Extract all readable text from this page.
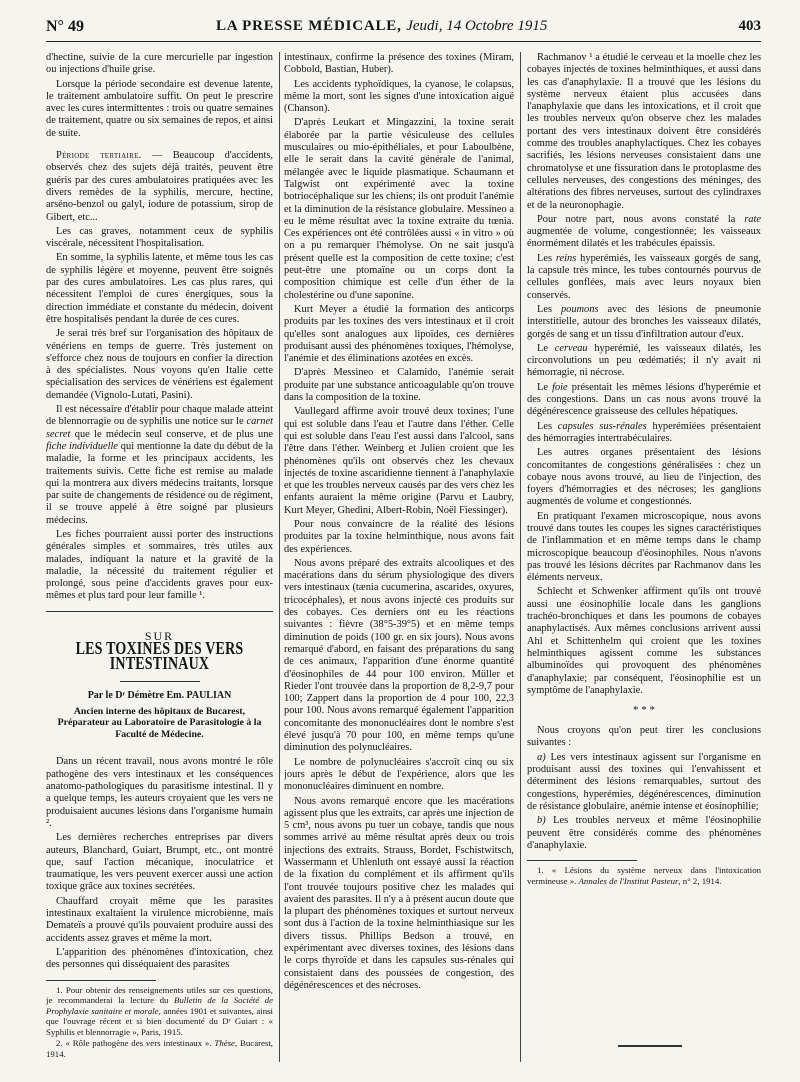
N° 49	LA PRESSE MÉDICALE, Jeudi, 14 Octobre 1915	403

d'hectine, suivie de la cure mercurielle par ingestion ou injections d'huile grise.

Lorsque la période secondaire est devenue latente, le traitement ambulatoire suffit. On peut le prescrire avec les cures intermittentes : trois ou quatre semaines de traitement, quatre ou six semaines de repos, et ainsi de suite.

Période tertiaire. — Beaucoup d'accidents, observés chez des sujets déjà traités, peuvent être guéris par des cures ambulatoires pratiquées avec les divers remèdes de la syphilis, mercure, hectine, arséno-benzol ou galyl, iodure de potassium, sirop de Gibert, etc...

Les cas graves, notamment ceux de syphilis viscérale, nécessitent l'hospitalisation.

En somme, la syphilis latente, et même tous les cas de syphilis légère et moyenne, peuvent être soignés par des cures ambulatoires. Les cas plus rares, qui nécessitent l'emploi de cures énergiques, sous la direction immédiate et constante du médecin, doivent être hospitalisés pendant la durée de ces cures.

Je serai très bref sur l'organisation des hôpitaux de vénériens en temps de guerre. Très justement on s'efforce chez nous de toujours en confier la direction à des spécialistes. Nous voyons qu'en Italie cette spécialisation des services de vénériens est également demandée (Vignolo-Lutati, Pasini).

Il est nécessaire d'établir pour chaque malade atteint de blennorragie ou de syphilis une notice sur le carnet secret que le médecin seul conserve, et de plus une fiche individuelle qui mentionne la date du début de la maladie, la forme et les principaux accidents, les traitements suivis. Cette fiche est remise au malade qui la montrera aux divers médecins traitants, lorsque par suite de changements de résidence ou de régiment, il se trouve appelé à être soigné par plusieurs médecins.

Les fiches pourraient aussi porter des instructions générales simples et sommaires, très utiles aux malades, indiquant la nature et la gravité de la maladie, la nécessité du traitement régulier et prolongé, sous peine d'accidents graves pour eux-mêmes et plus tard pour leur famille ¹.

SUR
LES TOXINES DES VERS INTESTINAUX
Par le Dʳ Démètre Em. PAULIAN
Ancien interne des hôpitaux de Bucarest, Préparateur au Laboratoire de Parasitologie à la Faculté de Médecine.

Dans un récent travail, nous avons montré le rôle pathogène des vers intestinaux et les conséquences anatomo-pathologiques du parasitisme intestinal. Il y a quelque temps, les auteurs croyaient que les vers ne produisaient aucunes lésions dans l'organisme humain ².

Les dernières recherches entreprises par divers auteurs, Blanchard, Guiart, Brumpt, etc., ont montré que, sauf l'action mécanique, inoculatrice et traumatique, les vers peuvent exercer aussi une action toxique grâce aux toxines secrétées.

Chauffard croyait même que les parasites intestinaux exaltaient la virulence microbienne, mais Demateïs a prouvé qu'ils pouvaient produire aussi des accidents assez graves et même la mort.

L'apparition des phénomènes d'intoxication, chez des personnes qui disséquaient des parasites

1. Pour obtenir des renseignements utiles sur ces questions, je recommanderai la lecture du Bulletin de la Société de Prophylaxie sanitaire et morale, années 1901 et suivantes, ainsi que l'ouvrage récent et si bien documenté du Dʳ Guiart : « Syphilis et blennorragie », Paris, 1915.

2. « Rôle pathogène des vers intestinaux ». Thèse, Bucarest, 1914.

intestinaux, confirme la présence des toxines (Miram, Cobbold, Bastian, Huber).

Les accidents typhoïdiques, la cyanose, le colapsus, même la mort, sont les signes d'une intoxication aiguë (Chanson).

D'après Leukart et Mingazzini, la toxine serait élaborée par la partie vésiculeuse des cellules musculaires ou mio-épithéliales, et pour Laboulbène, elle le serait dans la cavité générale de l'animal, mélangée avec le liquide plasmatique. Schaumann et Talgwist ont expérimenté avec la toxine botriocéphalique sur les chiens; ils ont produit l'anémie et la diminution de la résistance globulaire. Messineo a eu le même résultat avec la toxine extraite du tœnia. Ces expériences ont été contrôlées aussi « in vitro » où on a pu remarquer l'hémolyse. On ne sait jusqu'à présent quelle est la composition de cette toxine; c'est peut-être une ptomaïne ou un corps dont la composition chimique est celle d'un éther de la cholestérine ou d'une saponine.

Kurt Meyer a étudié la formation des anticorps produits par les toxines des vers intestinaux et il croit qu'elles sont analogues aux lipoïdes, ces dernières produisant aussi des phénomènes toxiques, l'hémolyse, l'anémie et des éliminations azotées en excès.

D'après Messineo et Calamido, l'anémie serait produite par une substance anticoagulable qu'on trouve dans la composition de la toxine.

Vaullegard affirme avoir trouvé deux toxines; l'une qui est soluble dans l'eau et l'autre dans l'éther. Celle qui est soluble dans l'eau l'est aussi dans l'alcool, sans l'être dans l'éther. Weinberg et Julien croient que les phénomènes qu'ils ont observés chez les chevaux injectés de toxine ascaridienne tiennent à l'anaphylaxie et que les troubles nerveux causés par des vers chez les enfants auraient la même origine (Parvu et Laubry, Kurt Meyer, Ghedini, Albert-Robin, Noël Fiessinger).

Pour nous convaincre de la réalité des lésions produites par la toxine helminthique, nous avons fait des expériences.

Nous avons préparé des extraits alcooliques et des macérations dans du sérum physiologique des divers vers intestinaux (tænia cucumerina, ascarides, oxyures, tricocéphales), et nous avons injecté ces produits sur des cobayes. Ces derniers ont eu les réactions suivantes : fièvre (38°5-39°5) et en même temps diminution de poids (100 gr. en six jours). Nous avons remarqué d'abord, en faisant des préparations du sang de ces animaux, l'apparition d'une énorme quantité d'éosinophiles de 44 pour 100 environ. Müller et Rieder l'ont trouvée dans la proportion de 8,2-9,7 pour 100; Zappert dans la proportion de 4 pour 100, 22,3 pour 100. Nous avons remarqué également l'apparition concomitante des mononucléaires dont le nombre s'est élevé jusqu'à 70 pour 100, en même temps qu'une diminution des polynucléaires.

Le nombre de polynucléaires s'accroît cinq ou six jours après le début de l'expérience, alors que les mononucléaires diminuent en nombre.

Nous avons remarqué encore que les macérations agissent plus que les extraits, car après une injection de 5 cm³, nous avons pu tuer un cobaye, tandis que nous sommes arrivé au même résultat après deux ou trois injections des extraits. Strauss, Bordet, Fschistwitsch, Wassermann et Uhlenluth ont essayé aussi la réaction de la fixation du complément et ils affirment qu'ils l'ont trouvée toujours positive chez les malades qui avaient des parasites. Il n'y a à présent aucun doute que la plupart des phénomènes toxiques et surtout nerveux sont dus à l'action de la toxine helminthiasique sur les divers tissus. Phillips Bedson a trouvé, en expérimentant avec diverses toxines, des lésions dans le corps thyroïde et dans les capsules sus-rénales qui consistaient dans des poussées de congestion, des dégénérescences et des nécroses.

Rachmanov ¹ a étudié le cerveau et la moelle chez les cobayes injectés de toxines helminthiques, et aussi dans les cas d'anaphylaxie. Il a trouvé que les lésions du système nerveux étaient plus accusées dans l'anaphylaxie que dans les intoxications, et il croit que les troubles nerveux qu'on observe chez les malades portant des vers intestinaux doivent être considérés comme des troubles anaphylactiques. Chez les cobayes sacrifiés, les lésions nerveuses consistaient dans une chromatolyse et une fissuration dans le protoplasme des cellules nerveuses, des congestions des méninges, des altérations des fibres nerveuses, surtout des cylindraxes et de la neuronophagie.

Pour notre part, nous avons constaté la rate augmentée de volume, congestionnée; les vaisseaux énormément dilatés et les trabécules épaissis.

Les reins hyperémiés, les vaisseaux gorgés de sang, la capsule très mince, les tubes contournés pourvus de cellules gonflées, mais avec leurs noyaux bien conservés.

Les poumons avec des lésions de pneumonie interstitielle, autour des bronches les vaisseaux dilatés, gorgés de sang et un tissu d'infiltration autour d'eux.

Le cerveau hyperémié, les vaisseaux dilatés, les circonvolutions un peu œdématiés; il n'y avait ni hémorragie, ni nécrose.

Le foie présentait les mêmes lésions d'hyperémie et des congestions. Dans un cas nous avons trouvé la dégénérescence graisseuse des cellules hépatiques.

Les capsules sus-rénales hyperémiées présentaient des hémorragies intertrabéculaires.

Les autres organes présentaient des lésions concomitantes de congestions généralisées : chez un cobaye nous avons trouvé, au lieu de l'injection, des foyers d'hémorragies et des nécroses; les ganglions augmentés de volume et congestionnés.

En pratiquant l'examen microscopique, nous avons trouvé dans toutes les coupes les signes caractéristiques de l'inflammation et en même temps dans le champ microscopique beaucoup d'éosinophiles. Nous n'avons pas trouvé les lésions décrites par Rachmanov dans les éléments nerveux.

Schlecht et Schwenker affirment qu'ils ont trouvé aussi une éosinophilie locale dans les ganglions trachéo-bronchiques et dans les poumons de cobayes anaphylactisés. Aux mêmes conclusions arrivent aussi Ahl et Schittenhelm qui croient que les toxines helminthiques agissent comme les substances albuminoïdes qui provoquent des phénomènes d'anaphylaxie; par conséquent, l'éosinophilie est un symptôme de l'anaphylaxie.

* * *

Nous croyons qu'on peut tirer les conclusions suivantes :

a) Les vers intestinaux agissent sur l'organisme en produisant aussi des toxines qui l'envahissent et déterminent des lésions remarquables, surtout des congestions, hyperémies, dégénérescences, diminution de résistance globulaire, anémie intense et éosinophilie;

b) Les troubles nerveux et même l'éosinophilie peuvent être considérés comme des phénomènes d'anaphylaxie.

1. « Lésions du système nerveux dans l'intoxication vermineuse ». Annales de l'Institut Pasteur, n° 2, 1914.
